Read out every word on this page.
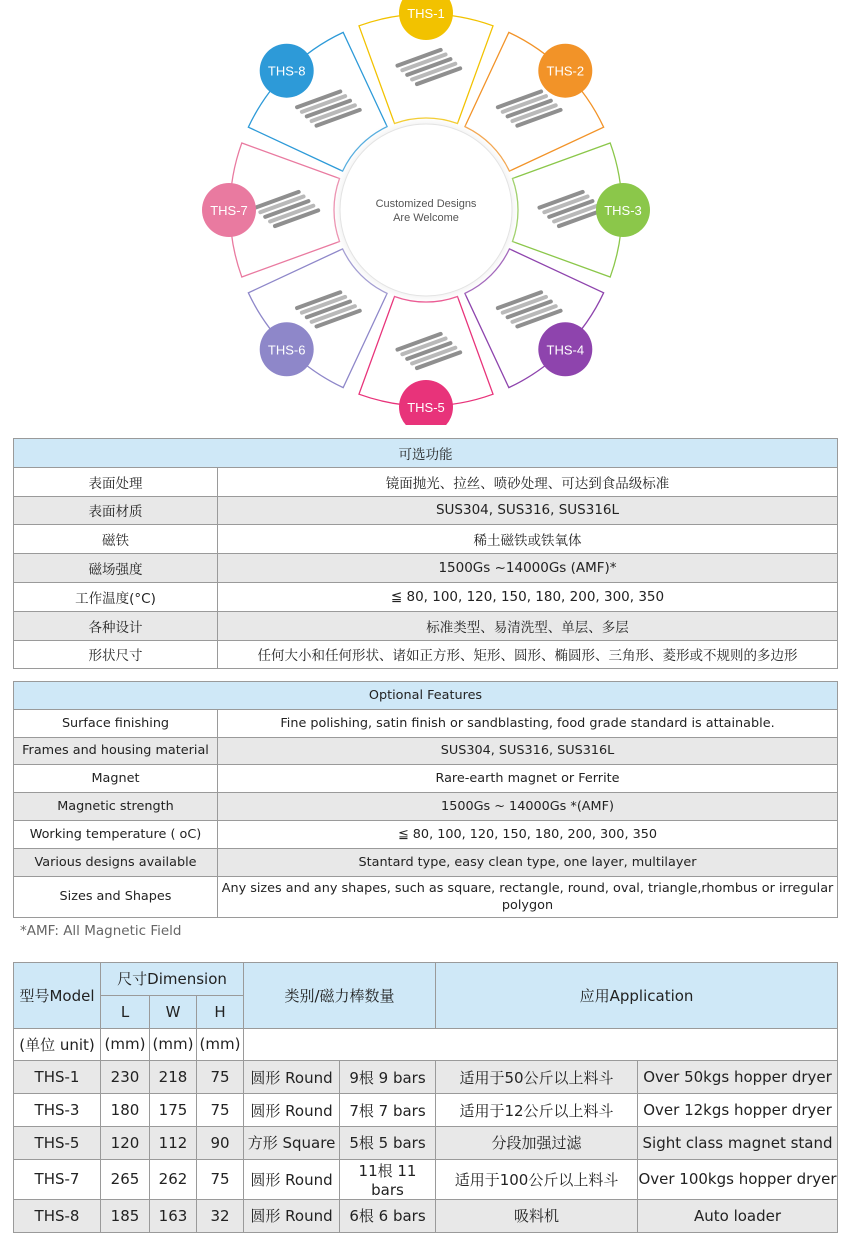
Customized Designs
Are Welcome
THS-1
THS-2
THS-3
THS-4
THS-5
THS-6
THS-7
THS-8
可选功能	
表面处理	镜面抛光、拉丝、喷砂处理、可达到食品级标准
表面材质	SUS304, SUS316, SUS316L
磁铁	稀土磁铁或铁氧体
磁场强度	1500Gs ~14000Gs (AMF)*
工作温度(°C)	≦ 80, 100, 120, 150, 180, 200, 300, 350
各种设计	标准类型、易清洗型、单层、多层
形状尺寸	任何大小和任何形状、诸如正方形、矩形、圆形、椭圆形、三角形、菱形或不规则的多边形
Optional Features	
Surface finishing	Fine polishing, satin finish or sandblasting, food grade standard is attainable.
Frames and housing material	SUS304, SUS316, SUS316L
Magnet	Rare-earth magnet or Ferrite
Magnetic strength	1500Gs ~ 14000Gs *(AMF)
Working temperature ( oC)	≦ 80, 100, 120, 150, 180, 200, 300, 350
Various designs available	Stantard type, easy clean type, one layer, multilayer
Sizes and Shapes	Any sizes and any shapes, such as square, rectangle, round, oval, triangle,rhombus or irregular polygon
*AMF: All Magnetic Field
型号Model	尺寸Dimension			类别/磁力棒数量		应用Application	
	L	W	H				
(单位 unit)	(mm)	(mm)	(mm)				
THS-1	230	218	75	圆形 Round	9根 9 bars	适用于50公斤以上料斗	Over 50kgs hopper dryer
THS-3	180	175	75	圆形 Round	7根 7 bars	适用于12公斤以上料斗	Over 12kgs hopper dryer
THS-5	120	112	90	方形 Square	5根 5 bars	分段加强过滤	Sight class magnet stand
THS-7	265	262	75	圆形 Round	11根 11 bars	适用于100公斤以上料斗	Over 100kgs hopper dryer
THS-8	185	163	32	圆形 Round	6根 6 bars	吸料机	Auto loader
